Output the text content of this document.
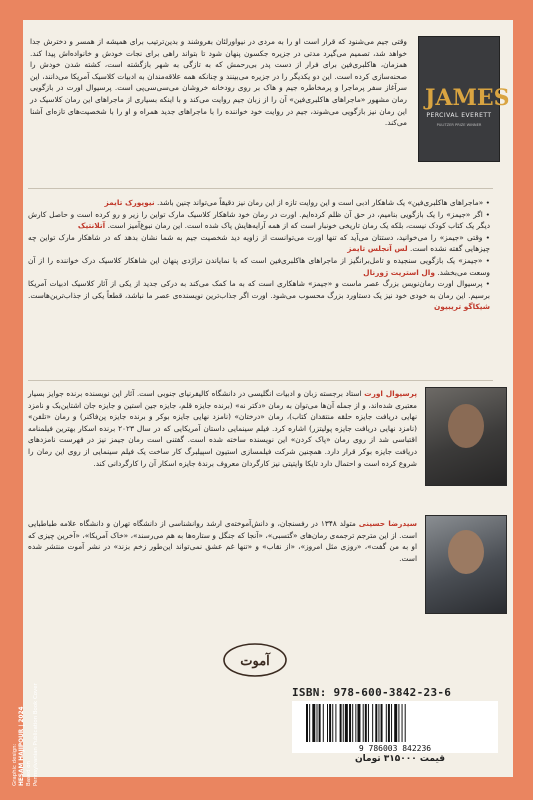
JAMES
PERCIVAL EVERETT
PULITZER PRIZE WINNER
وقتی جیم می‌شنود که قرار است او را به مردی در نیواورلئان بفروشند و بدین‌ترتیب برای همیشه از همسر و دخترش جدا خواهد شد، تصمیم می‌گیرد مدتی در جزیره جکسون پنهان شود تا بتواند راهی برای نجات خودش و خانواده‌اش پیدا کند. همزمان، هاکلبری‌فین برای فرار از دست پدر بی‌رحمش که به تازگی به شهر بازگشته است، کشته شدن خودش را صحنه‌سازی کرده است. این دو یکدیگر را در جزیره می‌بینند و چنانکه همه علاقه‌مندان به ادبیات کلاسیک آمریکا می‌دانند، این سرآغاز سفر پرماجرا و پرمخاطره جیم و هاک بر روی رودخانه خروشان می‌سی‌سی‌پی است. پرسیوال اورت در بازگویی رمان مشهور «ماجراهای هاکلبری‌فین» آن را از زبان جیم روایت می‌کند و با اینکه بسیاری از ماجراهای این رمان کلاسیک در این رمان نیز بازگویی می‌شوند، جیم در روایت خود خواننده را با ماجراهای جدید همراه و او را با شخصیت‌های تازه‌ای آشنا می‌کند.
• «ماجراهای هاکلبری‌فین» یک شاهکار ادبی است و این روایت تازه از این رمان نیز دقیقاً می‌تواند چنین باشد. نیویورک تایمز
• اگر «جیمز» را یک بازگویی بنامیم، در حق آن ظلم کرده‌ایم. اورت در رمان خود شاهکار کلاسیک مارک تواین را زیر و رو کرده است و حاصل کارش دیگر یک کتاب کودک نیست، بلکه یک رمان تاریخی خونبار است که از همه آرایه‌هایش پاک شده است. این رمان نبوغ‌آمیز است. آتلانتیک
• وقتی «جیمز» را می‌خوانید، دستتان می‌آید که تنها اورت می‌توانست از زاویه دید شخصیت جیم به شما نشان بدهد که در شاهکار مارک تواین چه چیزهایی گفته نشده است. لس آنجلس تایمز
• «جیمز» یک بازگویی سنجیده و تامل‌برانگیز از ماجراهای هاکلبری‌فین است که با نمایاندن تراژدی پنهان این شاهکار کلاسیک درک خواننده را از آن وسعت می‌بخشد. وال استریت ژورنال
• پرسیوال اورت رمان‌نویس بزرگ عصر ماست و «جیمز» شاهکاری است که به ما کمک می‌کند به درکی جدید از یکی از آثار کلاسیک ادبیات آمریکا برسیم. این رمان به خودی خود نیز یک دستاورد بزرگ محسوب می‌شود. اورت اگر جذاب‌ترین نویسنده‌ی عصر ما نباشد، قطعاً یکی از جذاب‌ترین‌هاست. شیکاگو تریبیون
پرسیوال اورت استاد برجسته زبان و ادبیات انگلیسی در دانشگاه کالیفرنیای جنوبی است. آثار این نویسنده برنده جوایز بسیار معتبری شده‌اند، و از جمله آن‌ها می‌توان به رمان «دکتر نه» (برنده جایزه قلم، جایزه جین استین و جایزه جان اشتاین‌بک و نامزد نهایی دریافت جایزه حلقه منتقدان کتاب)، رمان «درختان» (نامزد نهایی جایزه بوکر و برنده جایزه پن‌فاکنر) و رمان «تلفن» (نامزد نهایی دریافت جایزه پولیتزر) اشاره کرد. فیلم سینمایی داستان آمریکایی که در سال ۲۰۲۳ برنده اسکار بهترین فیلمنامه اقتباسی شد از روی رمان «پاک کردن» این نویسنده ساخته شده است. گفتنی است رمان جیمز نیز در فهرست نامزدهای دریافت جایزه بوکر قرار دارد. همچنین شرکت فیلمسازی استیون اسپیلبرگ کار ساخت یک فیلم سینمایی از روی این رمان را شروع کرده است و احتمال دارد تایکا وایتیتی نیز کارگردان معروف برندهٔ جایزه اسکار آن را کارگردانی کند.
سیدرضا حسینی متولد ۱۳۴۸ در رفسنجان، و دانش‌آموخته‌ی ارشد روانشناسی از دانشگاه تهران و دانشگاه علامه طباطبایی است. از این مترجم ترجمه‌ی رمان‌های «گتسبی»، «آنجا که جنگل و ستاره‌ها به هم می‌رسند»، «خاک آمریکا»، «آخرین چیزی که او به من گفت»، «روزی مثل امروز»، «از نقاب» و «تنها غم عشق نمی‌تواند این‌طور زخم بزند» در نشر آموت منتشر شده است.
آموت
ISBN: 978-600-3842-23-6
9 786003 842236
قیمت ۳۱۵۰۰۰ تومان
Graphic design: HESAM HAJIPOUR | 2024 Based on Pennsylvanian Publication Book Cover
